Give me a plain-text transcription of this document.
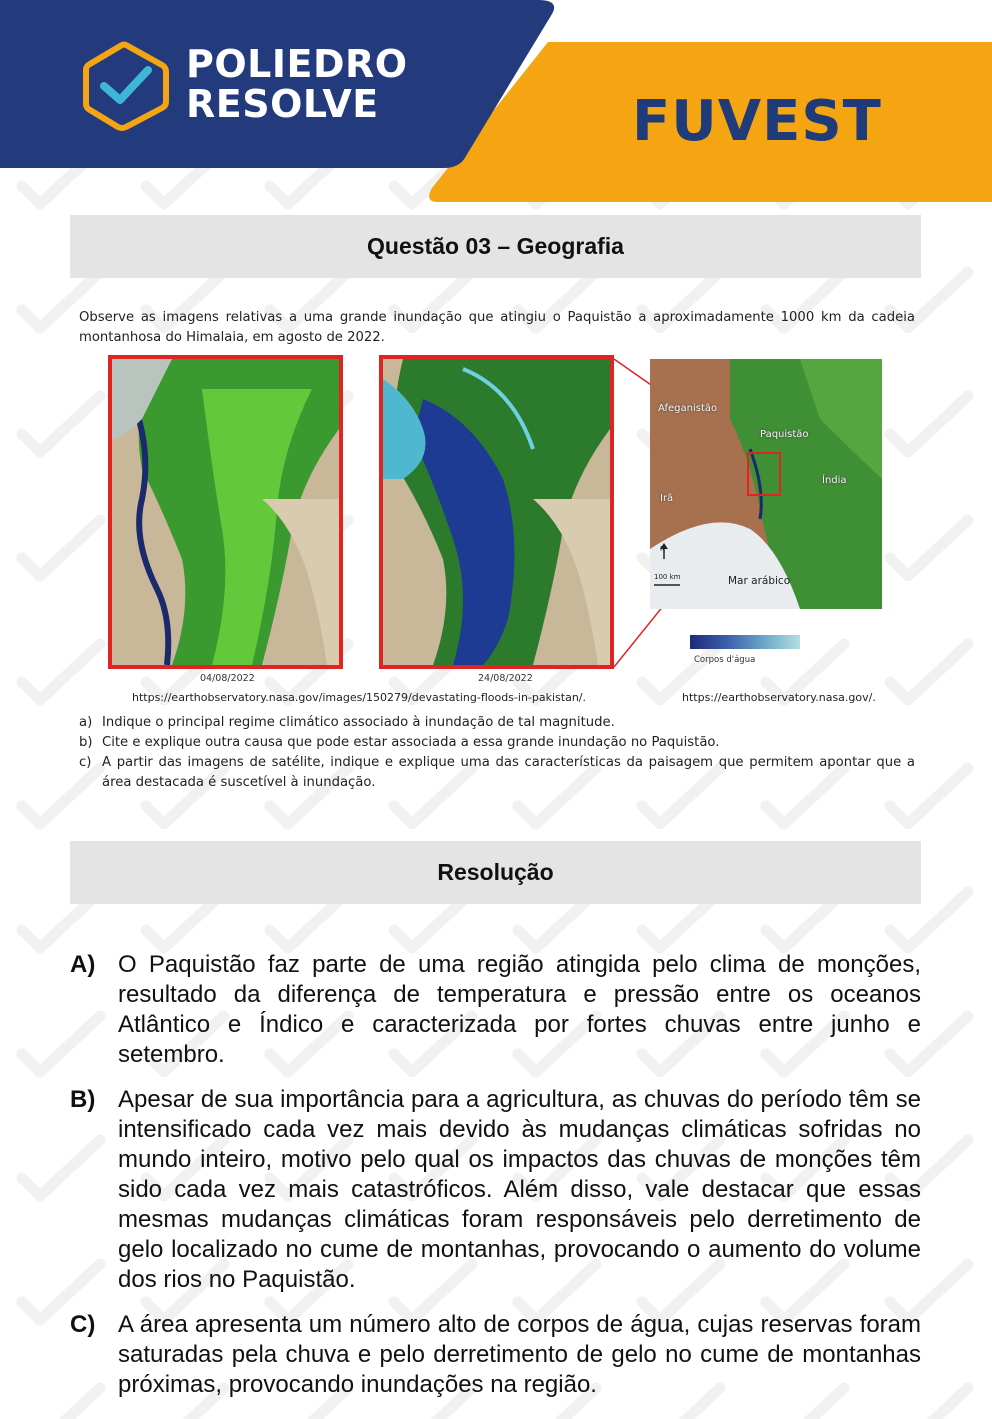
POLIEDRO
RESOLVE	FUVEST
Questão 03 – Geografia

Observe as imagens relativas a uma grande inundação que atingiu o Paquistão a aproximadamente 1000 km da cadeia montanhosa do Himalaia, em agosto de 2022.

Afeganistão
Paquistão
Índia
Irã
N
100 km	Mar arábico
Corpos d'água
04/08/2022	24/08/2022
https://earthobservatory.nasa.gov/images/150279/devastating-floods-in-pakistan/.	https://earthobservatory.nasa.gov/.
a) Indique o principal regime climático associado à inundação de tal magnitude.
b) Cite e explique outra causa que pode estar associada a essa grande inundação no Paquistão.
c) A partir das imagens de satélite, indique e explique uma das características da paisagem que permitem apontar que a área destacada é suscetível à inundação.
Resolução
A) O Paquistão faz parte de uma região atingida pelo clima de monções, resultado da diferença de temperatura e pressão entre os oceanos Atlântico e Índico e caracterizada por fortes chuvas entre junho e setembro.
B) Apesar de sua importância para a agricultura, as chuvas do período têm se intensificado cada vez mais devido às mudanças climáticas sofridas no mundo inteiro, motivo pelo qual os impactos das chuvas de monções têm sido cada vez mais catastróficos. Além disso, vale destacar que essas mesmas mudanças climáticas foram responsáveis pelo derretimento de gelo localizado no cume de montanhas, provocando o aumento do volume dos rios no Paquistão.
C) A área apresenta um número alto de corpos de água, cujas reservas foram saturadas pela chuva e pelo derretimento de gelo no cume de montanhas próximas, provocando inundações na região.
